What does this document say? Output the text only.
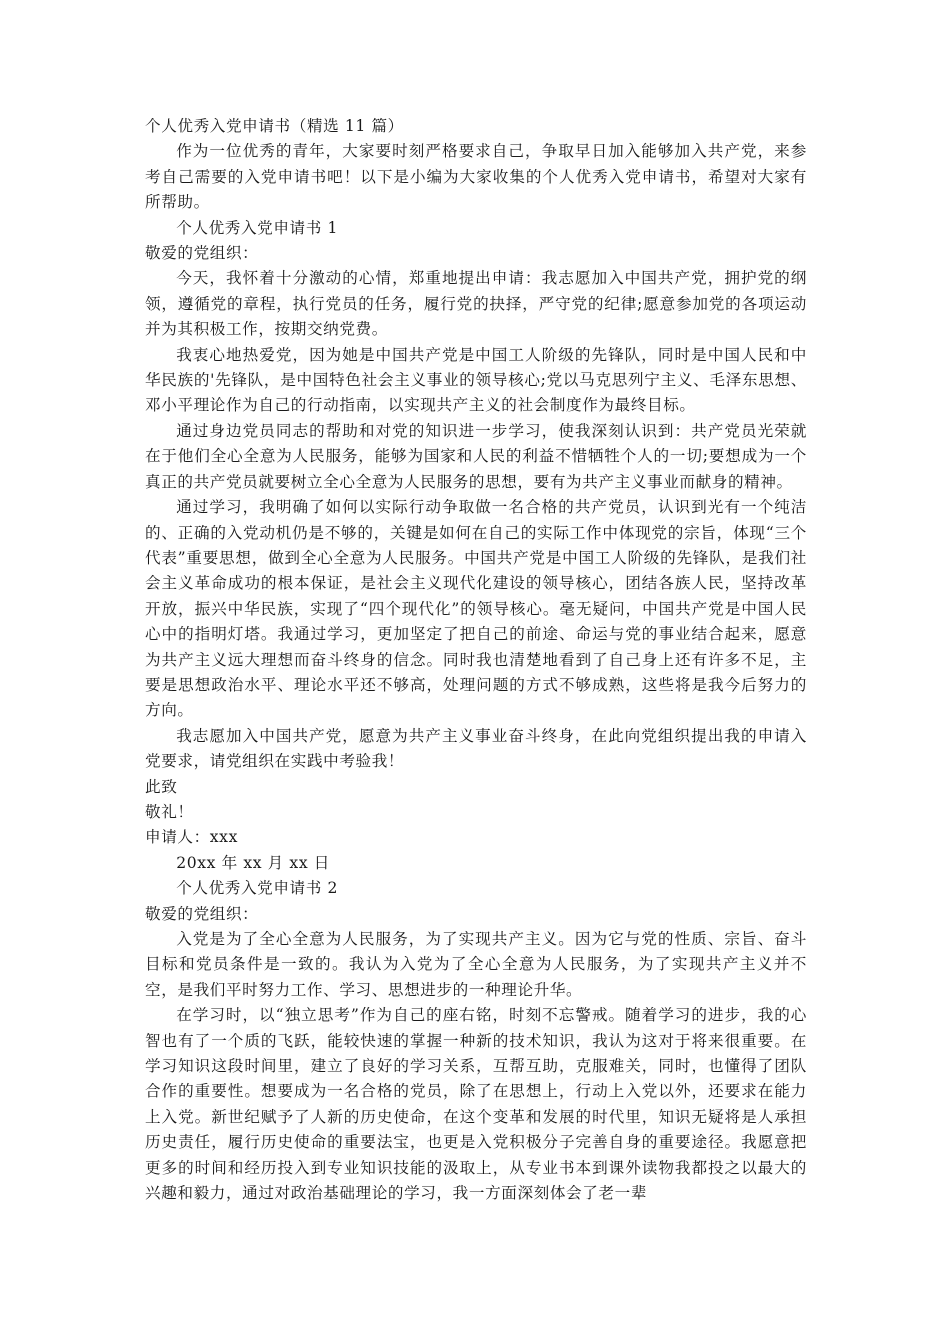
个人优秀入党申请书（精选 11 篇）

作为一位优秀的青年，大家要时刻严格要求自己，争取早日加入能够加入共产党，来参考自己需要的入党申请书吧！以下是小编为大家收集的个人优秀入党申请书，希望对大家有所帮助。

个人优秀入党申请书 1

敬爱的党组织：

今天，我怀着十分激动的心情，郑重地提出申请：我志愿加入中国共产党，拥护党的纲领，遵循党的章程，执行党员的任务，履行党的抉择，严守党的纪律;愿意参加党的各项运动并为其积极工作，按期交纳党费。

我衷心地热爱党，因为她是中国共产党是中国工人阶级的先锋队，同时是中国人民和中华民族的'先锋队，是中国特色社会主义事业的领导核心;党以马克思列宁主义、毛泽东思想、邓小平理论作为自己的行动指南，以实现共产主义的社会制度作为最终目标。

通过身边党员同志的帮助和对党的知识进一步学习，使我深刻认识到：共产党员光荣就在于他们全心全意为人民服务，能够为国家和人民的利益不惜牺牲个人的一切;要想成为一个真正的共产党员就要树立全心全意为人民服务的思想，要有为共产主义事业而献身的精神。

通过学习，我明确了如何以实际行动争取做一名合格的共产党员，认识到光有一个纯洁的、正确的入党动机仍是不够的，关键是如何在自己的实际工作中体现党的宗旨，体现“三个代表”重要思想，做到全心全意为人民服务。中国共产党是中国工人阶级的先锋队，是我们社会主义革命成功的根本保证，是社会主义现代化建设的领导核心，团结各族人民，坚持改革开放，振兴中华民族，实现了“四个现代化”的领导核心。毫无疑问，中国共产党是中国人民心中的指明灯塔。我通过学习，更加坚定了把自己的前途、命运与党的事业结合起来，愿意为共产主义远大理想而奋斗终身的信念。同时我也清楚地看到了自己身上还有许多不足，主要是思想政治水平、理论水平还不够高，处理问题的方式不够成熟，这些将是我今后努力的方向。

我志愿加入中国共产党，愿意为共产主义事业奋斗终身，在此向党组织提出我的申请入党要求，请党组织在实践中考验我！

此致

敬礼！

申请人：xxx

20xx 年 xx 月 xx 日

个人优秀入党申请书 2

敬爱的党组织：

入党是为了全心全意为人民服务，为了实现共产主义。因为它与党的性质、宗旨、奋斗目标和党员条件是一致的。我认为入党为了全心全意为人民服务，为了实现共产主义并不空，是我们平时努力工作、学习、思想进步的一种理论升华。

在学习时，以“独立思考”作为自己的座右铭，时刻不忘警戒。随着学习的进步，我的心智也有了一个质的飞跃，能较快速的掌握一种新的技术知识，我认为这对于将来很重要。在学习知识这段时间里，建立了良好的学习关系，互帮互助，克服难关，同时，也懂得了团队合作的重要性。想要成为一名合格的党员，除了在思想上，行动上入党以外，还要求在能力上入党。新世纪赋予了人新的历史使命，在这个变革和发展的时代里，知识无疑将是人承担历史责任，履行历史使命的重要法宝，也更是入党积极分子完善自身的重要途径。我愿意把更多的时间和经历投入到专业知识技能的汲取上，从专业书本到课外读物我都投之以最大的兴趣和毅力，通过对政治基础理论的学习，我一方面深刻体会了老一辈
